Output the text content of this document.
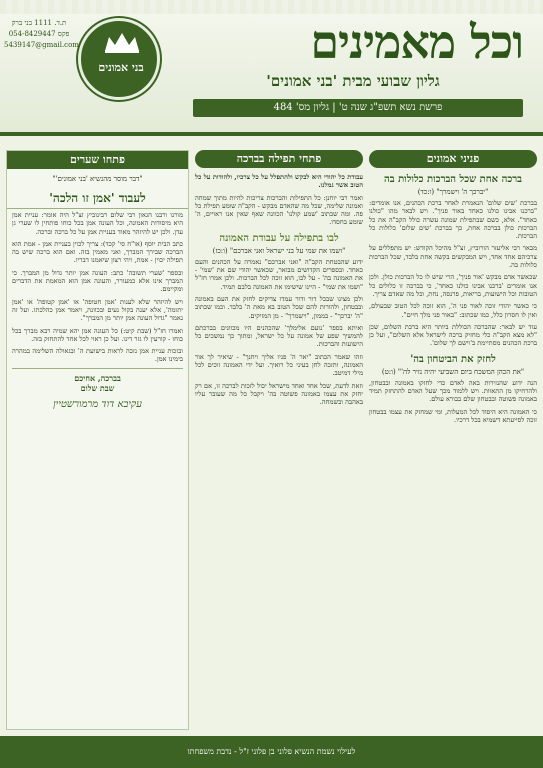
וכל מאמינים
גליון שבועי מבית 'בני אמונים'
פרשת נשא תשפ"ג שנה ט' | גליון מס' 484
בני אמונים
ת.ד. 1111 בני ברק
054-8429447 פקס
5439147@gmail.com
פניני אמונים
ברכה אחת שכל הברכות כלולות בה
"יברכך ה' וישמרך" (ו:כד)
בברכת 'שים שלום' הנאמרת לאחר ברכת הכהנים, אנו אומרים: "ברכנו אבינו כולנו כאחד באור פניך". ויש לבאר מהו "כולנו כאחד". אלא, כשם שבתפילת שמונה עשרה כולל הקב"ה את כל הברכות כולן בברכה אחת, כך בברכת 'שים שלום' כלולות כל הברכות.
מבאר רבי אליעזר הורוביץ, זצ"ל מהיכל הקודש: יש מתפללים על צרכיהם אחד אחד, ויש המבקשים בקשה אחת בלבד, שכל הברכות כלולות בה.
שכאשר אדם מבקש 'אור פניך', הרי שיש לו כל הברכות כולן. ולכן אנו אומרים 'ברכנו אבינו כולנו כאחד', כי בברכה זו כלולים כל הטובות וכל הישועות, בריאות, פרנסה, נחת, וכל מה שאדם צריך.
כי כאשר יהודי זוכה לאור פני ה', הוא זוכה לכל הטוב שבעולם, ואין לו חסרון כלל, כמו שכתוב: "באור פני מלך חיים".
עוד יש לבאר: שהברכה הכוללת ביותר היא ברכת השלום, שכן "לא מצא הקב"ה כלי מחזיק ברכה לישראל אלא השלום", ועל כן ברכת הכהנים מסתיימת ב'וישם לך שלום'.
לחזק את הביטחון בה'
"את הכהן המשכח ביום השביעי יהיה נזיר לה'" (ו:ט)
הנה ידוע שהנזירות באה לאדם כדי לחזקו באמונה ובבטחון, ולהרחיקו מן התאוות. ויש ללמוד מכך שעל האדם להתחזק תמיד באמונה פשוטה ובבטחון שלם בבורא עולם.
כי האמונה היא היסוד לכל המעלות, ומי שמחזק את עצמו בבטחון זוכה לסייעתא דשמיא בכל דרכיו.
פתחי תפילה בברכה
עבודת כל יהודי היא לבקש ולהתפלל על כל צרכיו, ולהודות על כל הטוב אשר גמלנו.
ואמר רבי יוחנן: כל התפילות והברכות צריכות להיות מתוך שמחה ואמונה שלימה, שכל מה שהאדם מבקש - הקב"ה שומע תפילת כל פה. ומה שכתוב 'שמע קולנו' הכוונה שאף שאין אנו ראויים, ה' שומע בחסדו.
לבו בתפילה על עבודת האמונה
"ושמו את שמי על בני ישראל ואני אברכם" (ו:כז)
ידוע שהבטחת הקב"ה "ואני אברכם" נאמרה על הכהנים והעם כאחד. ובספרים הקדושים מבואר, שכאשר יהודי שם את 'שמי' - את האמונה בה' - על לבו, הוא זוכה לכל הברכות. ולכן אמרו חז"ל "ושמו את שמי" - היינו שישימו את האמונה בלבם תמיד.
ולכן מצינו שבכל דור ודור עמדו צדיקים לחזק את העם באמונה ובבטחון, ולהורות להם שכל הטוב בא מאת ה' בלבד. וכמו שכתוב "ה' יברכך" - בממון, "וישמרך" - מן המזיקים.
ואיתא בספר 'נועם אלימלך' שהכהנים היו מכוונים בברכתם להמשיך שפע של אמונה על כל ישראל, ומתוך כך נמשכים כל הישועות והברכות.
וזהו שאמר הכתוב "יאר ה' פניו אליך ויחנך" - שיאיר לך אור האמונה, ותזכה לחן בעיני כל רואיך. ועל ידי האמונה זוכים לכל מילי דמיטב.
וזאת לדעת, שכל אחד ואחד מישראל יכול לזכות לברכה זו, אם רק יחזק את עצמו באמונה פשוטה בה' ויקבל כל מה שעובר עליו באהבה ובשמחה.
פתחו שערים
"דבר מוסר מהנשיא 'בני אמונים'"
לעבוד 'אמן זו הלכה'
מורנו ורבנו הגאון רבי שלום רבינוביץ זצ"ל היה אומר: עניית אמן היא מיסודות האמונה, וכל העונה אמן בכל כוחו פותחין לו שערי גן עדן. ולכן יש להיזהר מאוד בעניית אמן על כל ברכה וברכה.
כתב הבית יוסף (או"ח סי' קכד): צריך לכוין בעניית אמן - אמת הוא הברכה שבירך המברך, ואני מאמין בזה. ואם הוא ברכה שיש בה תפילה יכוין - אמת, ויהי רצון שיאמנו דבריו.
ובספר 'שערי תשובה' כתב: העונה אמן יותר גדול מן המברך. כי המברך אינו אלא כמעורר, והעונה אמן הוא המאמת את הדברים ומקיימם.
ויש להיזהר שלא לענות 'אמן חטופה' או 'אמן קטופה' או 'אמן יתומה', אלא יענה בקול נעים ובכוונה, ויאמר אמן כהלכתו. ועל זה נאמר "גדול העונה אמן יותר מן המברך".
ואמרו חז"ל (שבת קיט:) כל העונה אמן יהא שמיה רבא מברך בכל כוחו - קורעין לו גזר דינו. ועל כן ראוי לכל אחד להתחזק בזה.
ובזכות עניית אמן נזכה לראות בישועת ה' ובגאולה השלימה במהרה בימינו אמן.
בברכה, אחיכם
שבת שלום
עקיבא דוד מרמורשטיין
לעילוי נשמת הנשיא פלוני בן פלוני ז"ל - נדבת משפחתו
